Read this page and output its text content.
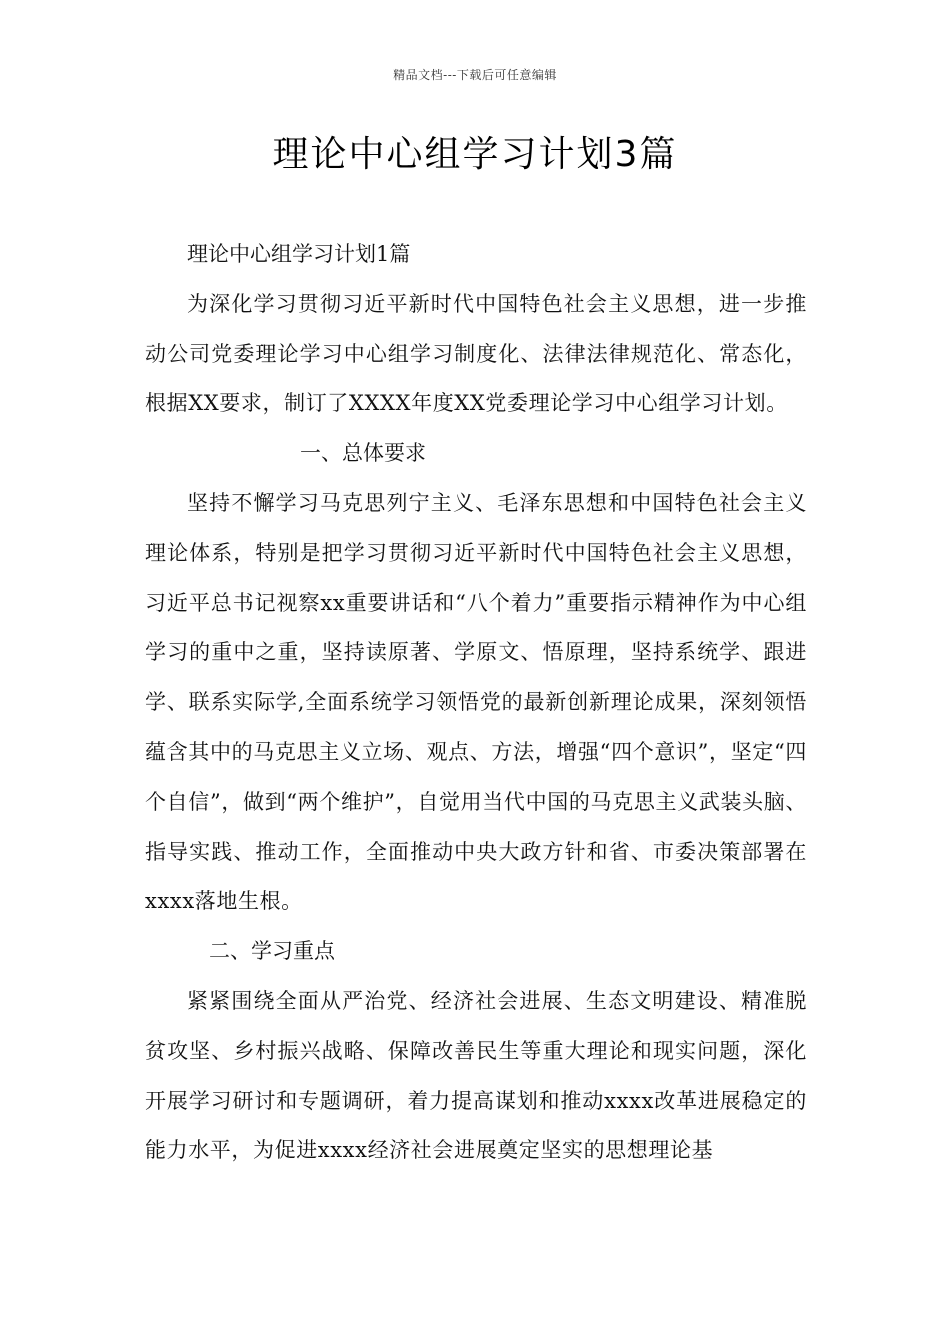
精品文档---下载后可任意编辑
理论中心组学习计划3篇

理论中心组学习计划1篇

为深化学习贯彻习近平新时代中国特色社会主义思想，进一步推动公司党委理论学习中心组学习制度化、法律法律规范化、常态化，根据XX要求，制订了XXXX年度XX党委理论学习中心组学习计划。

一、总体要求

坚持不懈学习马克思列宁主义、毛泽东思想和中国特色社会主义理论体系，特别是把学习贯彻习近平新时代中国特色社会主义思想，习近平总书记视察xx重要讲话和“八个着力”重要指示精神作为中心组学习的重中之重，坚持读原著、学原文、悟原理，坚持系统学、跟进学、联系实际学,全面系统学习领悟党的最新创新理论成果，深刻领悟蕴含其中的马克思主义立场、观点、方法，增强“四个意识”，坚定“四个自信”，做到“两个维护”，自觉用当代中国的马克思主义武装头脑、指导实践、推动工作，全面推动中央大政方针和省、市委决策部署在xxxx落地生根。

二、学习重点

紧紧围绕全面从严治党、经济社会进展、生态文明建设、精准脱贫攻坚、乡村振兴战略、保障改善民生等重大理论和现实问题，深化开展学习研讨和专题调研，着力提高谋划和推动xxxx改革进展稳定的能力水平，为促进xxxx经济社会进展奠定坚实的思想理论基
